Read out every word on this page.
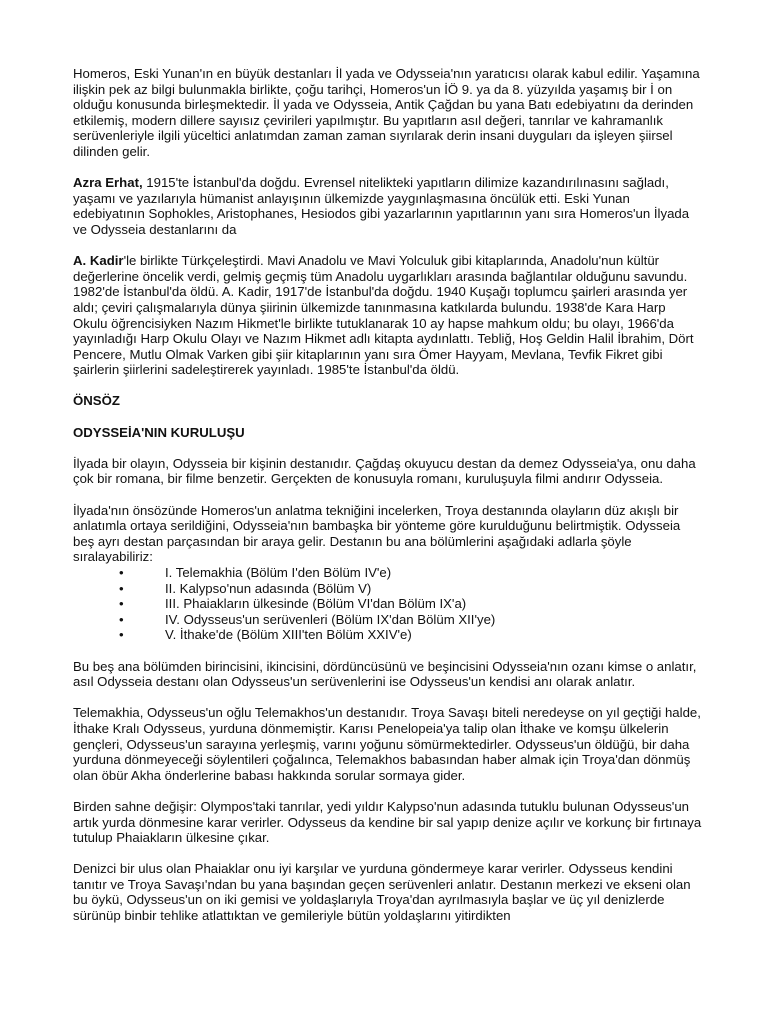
Homeros, Eski Yunan'ın en büyük destanları İl yada ve Odysseia'nın yaratıcısı olarak kabul edilir. Yaşamına ilişkin pek az bilgi bulunmakla birlikte, çoğu tarihçi, Homeros'un İÖ 9. ya da 8. yüzyılda yaşamış bir İ on olduğu konusunda birleşmektedir. İl yada ve Odysseia, Antik Çağdan bu yana Batı edebiyatını da derinden etkilemiş, modern dillere sayısız çevirileri yapılmıştır. Bu yapıtların asıl değeri, tanrılar ve kahramanlık serüvenleriyle ilgili yüceltici anlatımdan zaman zaman sıyrılarak derin insani duyguları da işleyen şiirsel dilinden gelir.

Azra Erhat, 1915'te İstanbul'da doğdu. Evrensel nitelikteki yapıtların dilimize kazandırılınasını sağladı, yaşamı ve yazılarıyla hümanist anlayışının ülkemizde yaygınlaşmasına öncülük etti. Eski Yunan edebiyatının Sophokles, Aristophanes, Hesiodos gibi yazarlarının yapıtlarının yanı sıra Homeros'un İlyada ve Odysseia destanlarını da

A. Kadir'le birlikte Türkçeleştirdi. Mavi Anadolu ve Mavi Yolculuk gibi kitaplarında, Anadolu'nun kültür değerlerine öncelik verdi, gelmiş geçmiş tüm Anadolu uygarlıkları arasında bağlantılar olduğunu savundu. 1982'de İstanbul'da öldü. A. Kadir, 1917'de İstanbul'da doğdu. 1940 Kuşağı toplumcu şairleri arasında yer aldı; çeviri çalışmalarıyla dünya şiirinin ülkemizde tanınmasına katkılarda bulundu. 1938'de Kara Harp Okulu öğrencisiyken Nazım Hikmet'le birlikte tutuklanarak 10 ay hapse mahkum oldu; bu olayı, 1966'da yayınladığı Harp Okulu Olayı ve Nazım Hikmet adlı kitapta aydınlattı. Tebliğ, Hoş Geldin Halil İbrahim, Dört Pencere, Mutlu Olmak Varken gibi şiir kitaplarının yanı sıra Ömer Hayyam, Mevlana, Tevfik Fikret gibi şairlerin şiirlerini sadeleştirerek yayınladı. 1985'te İstanbul'da öldü.

ÖNSÖZ
ODYSSEİA'NIN KURULUŞU

İlyada bir olayın, Odysseia bir kişinin destanıdır. Çağdaş okuyucu destan da demez Odysseia'ya, onu daha çok bir romana, bir filme benzetir. Gerçekten de konusuyla romanı, kuruluşuyla filmi andırır Odysseia.

İlyada'nın önsözünde Homeros'un anlatma tekniğini incelerken, Troya destanında olayların düz akışlı bir anlatımla ortaya serildiğini, Odysseia'nın bambaşka bir yönteme göre kurulduğunu belirtmiştik. Odysseia beş ayrı destan parçasından bir araya gelir. Destanın bu ana bölümlerini aşağıdaki adlarla şöyle sıralayabiliriz:

•	I. Telemakhia (Bölüm I'den Bölüm IV'e)
•	II. Kalypso'nun adasında (Bölüm V)
•	III. Phaiakların ülkesinde (Bölüm VI'dan Bölüm IX'a)
•	IV. Odysseus'un serüvenleri (Bölüm IX'dan Bölüm XII'ye)
•	V. İthake'de (Bölüm XIII'ten Bölüm XXIV'e)

Bu beş ana bölümden birincisini, ikincisini, dördüncüsünü ve beşincisini Odysseia'nın ozanı kimse o anlatır, asıl Odysseia destanı olan Odysseus'un serüvenlerini ise Odysseus'un kendisi anı olarak anlatır.

Telemakhia, Odysseus'un oğlu Telemakhos'un destanıdır. Troya Savaşı biteli neredeyse on yıl geçtiği halde, İthake Kralı Odysseus, yurduna dönmemiştir. Karısı Penelopeia'ya talip olan İthake ve komşu ülkelerin gençleri, Odysseus'un sarayına yerleşmiş, varını yoğunu sömürmektedirler. Odysseus'un öldüğü, bir daha yurduna dönmeyeceği söylentileri çoğalınca, Telemakhos babasından haber almak için Troya'dan dönmüş olan öbür Akha önderlerine babası hakkında sorular sormaya gider.

Birden sahne değişir: Olympos'taki tanrılar, yedi yıldır Kalypso'nun adasında tutuklu bulunan Odysseus'un artık yurda dönmesine karar verirler. Odysseus da kendine bir sal yapıp denize açılır ve korkunç bir fırtınaya tutulup Phaiakların ülkesine çıkar.

Denizci bir ulus olan Phaiaklar onu iyi karşılar ve yurduna göndermeye karar verirler. Odysseus kendini tanıtır ve Troya Savaşı'ndan bu yana başından geçen serüvenleri anlatır. Destanın merkezi ve ekseni olan bu öykü, Odysseus'un on iki gemisi ve yoldaşlarıyla Troya'dan ayrılmasıyla başlar ve üç yıl denizlerde sürünüp binbir tehlike atlattıktan ve gemileriyle bütün yoldaşlarını yitirdikten
